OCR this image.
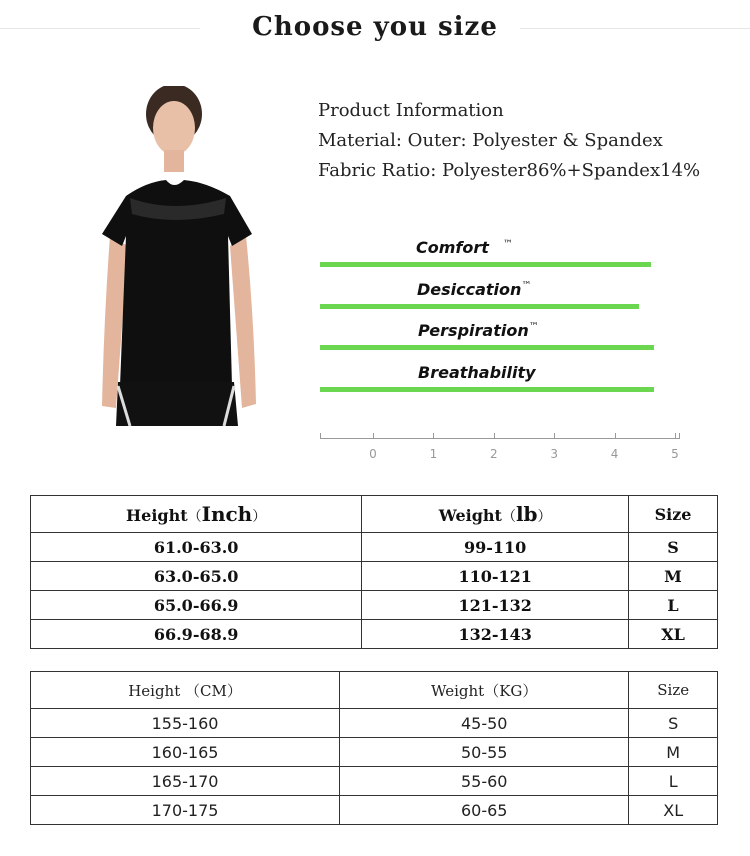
Choose you size
Product Information
Material: Outer: Polyester & Spandex
Fabric Ratio: Polyester86%+Spandex14%
Comfort ™
Desiccation™
Perspiration™
Breathability
0	1	2	3	4	5
Height（Inch）	Weight（lb）	Size
61.0-63.0	99-110	S
63.0-65.0	110-121	M
65.0-66.9	121-132	L
66.9-68.9	132-143	XL
Height （CM）	Weight（KG）	Size
155-160	45-50	S
160-165	50-55	M
165-170	55-60	L
170-175	60-65	XL
